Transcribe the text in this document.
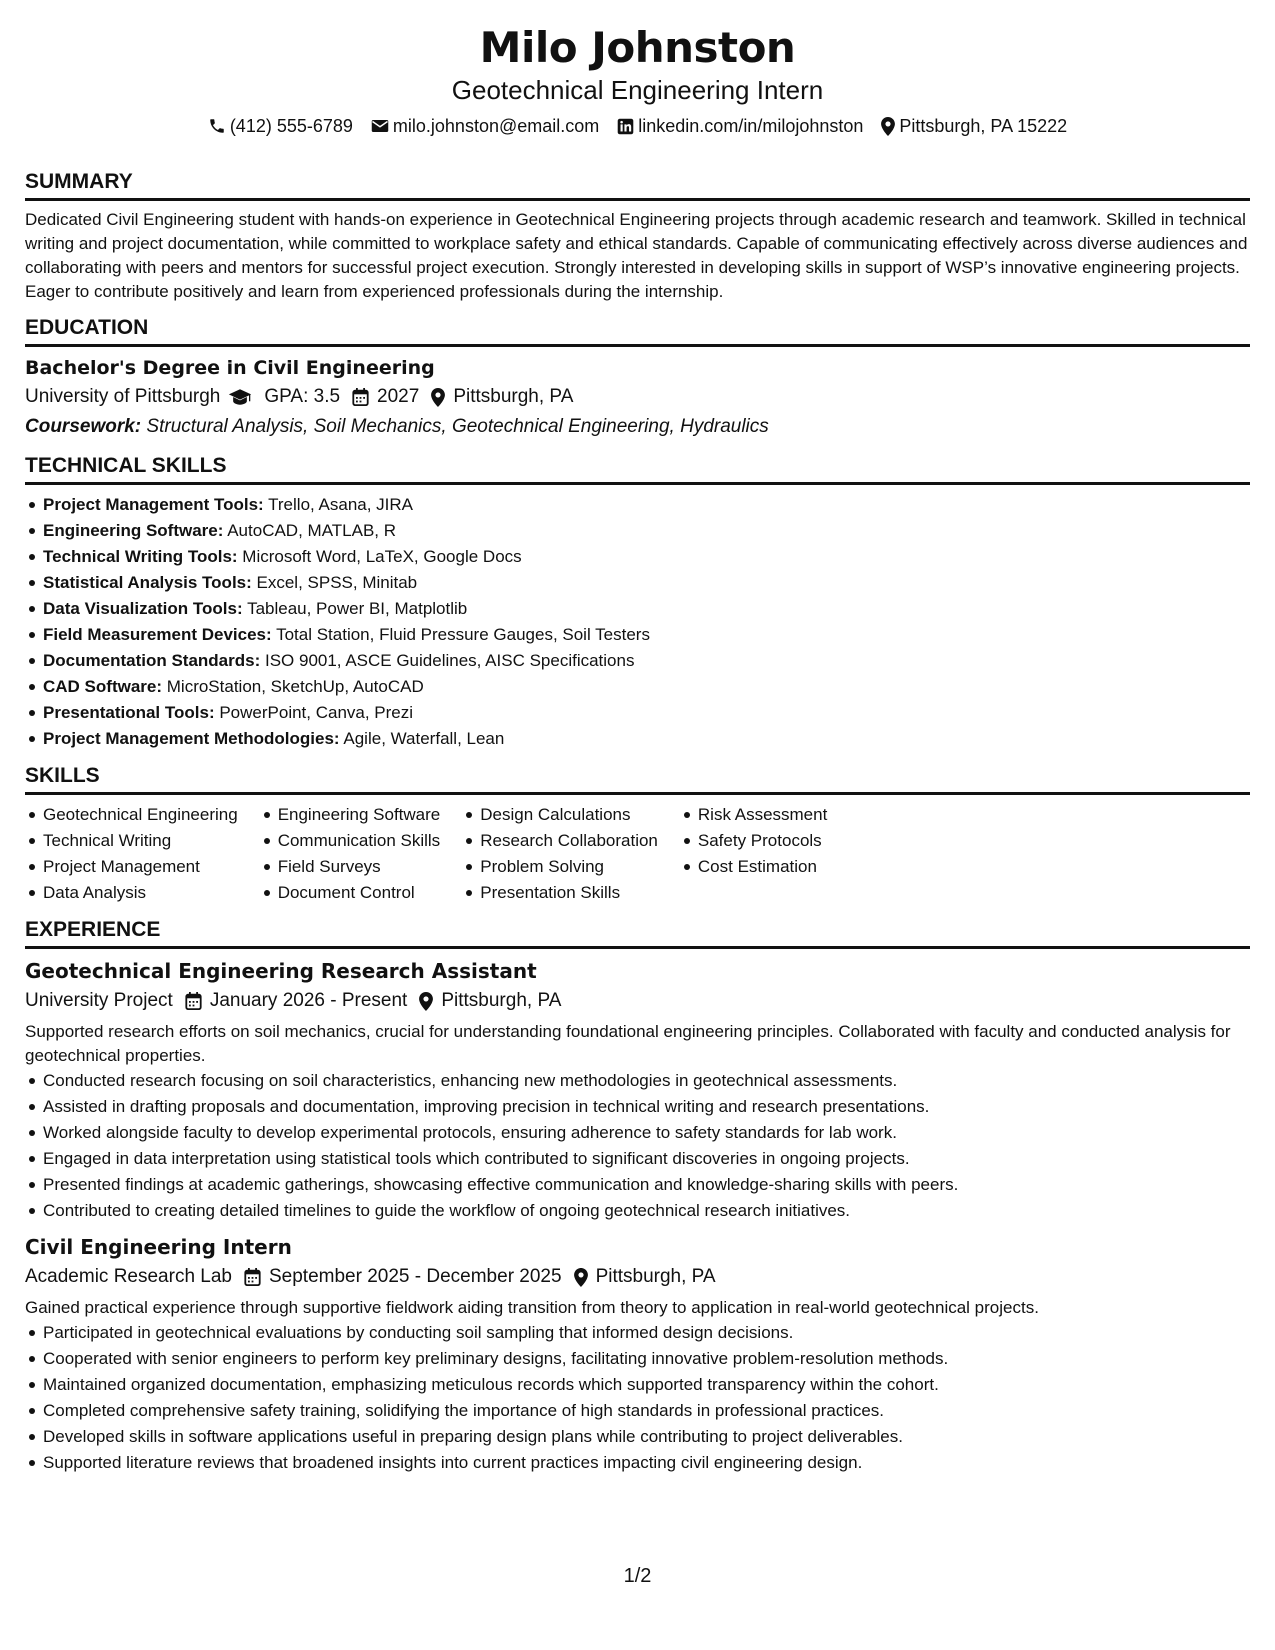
Milo Johnston
Geotechnical Engineering Intern
(412) 555-6789 milo.johnston@email.com linkedin.com/in/milojohnston Pittsburgh, PA 15222
SUMMARY
Dedicated Civil Engineering student with hands-on experience in Geotechnical Engineering projects through academic research and teamwork. Skilled in technical writing and project documentation, while committed to workplace safety and ethical standards. Capable of communicating effectively across diverse audiences and collaborating with peers and mentors for successful project execution. Strongly interested in developing skills in support of WSP’s innovative engineering projects. Eager to contribute positively and learn from experienced professionals during the internship.
EDUCATION
Bachelor's Degree in Civil Engineering
University of Pittsburgh GPA: 3.5 2027 Pittsburgh, PA
Coursework: Structural Analysis, Soil Mechanics, Geotechnical Engineering, Hydraulics
TECHNICAL SKILLS
Project Management Tools: Trello, Asana, JIRA
Engineering Software: AutoCAD, MATLAB, R
Technical Writing Tools: Microsoft Word, LaTeX, Google Docs
Statistical Analysis Tools: Excel, SPSS, Minitab
Data Visualization Tools: Tableau, Power BI, Matplotlib
Field Measurement Devices: Total Station, Fluid Pressure Gauges, Soil Testers
Documentation Standards: ISO 9001, ASCE Guidelines, AISC Specifications
CAD Software: MicroStation, SketchUp, AutoCAD
Presentational Tools: PowerPoint, Canva, Prezi
Project Management Methodologies: Agile, Waterfall, Lean
SKILLS
Geotechnical Engineering
Technical Writing
Project Management
Data Analysis
Engineering Software
Communication Skills
Field Surveys
Document Control
Design Calculations
Research Collaboration
Problem Solving
Presentation Skills
Risk Assessment
Safety Protocols
Cost Estimation
EXPERIENCE
Geotechnical Engineering Research Assistant
University Project January 2026 - Present Pittsburgh, PA
Supported research efforts on soil mechanics, crucial for understanding foundational engineering principles. Collaborated with faculty and conducted analysis for geotechnical properties.
Conducted research focusing on soil characteristics, enhancing new methodologies in geotechnical assessments.
Assisted in drafting proposals and documentation, improving precision in technical writing and research presentations.
Worked alongside faculty to develop experimental protocols, ensuring adherence to safety standards for lab work.
Engaged in data interpretation using statistical tools which contributed to significant discoveries in ongoing projects.
Presented findings at academic gatherings, showcasing effective communication and knowledge-sharing skills with peers.
Contributed to creating detailed timelines to guide the workflow of ongoing geotechnical research initiatives.
Civil Engineering Intern
Academic Research Lab September 2025 - December 2025 Pittsburgh, PA
Gained practical experience through supportive fieldwork aiding transition from theory to application in real-world geotechnical projects.
Participated in geotechnical evaluations by conducting soil sampling that informed design decisions.
Cooperated with senior engineers to perform key preliminary designs, facilitating innovative problem-resolution methods.
Maintained organized documentation, emphasizing meticulous records which supported transparency within the cohort.
Completed comprehensive safety training, solidifying the importance of high standards in professional practices.
Developed skills in software applications useful in preparing design plans while contributing to project deliverables.
Supported literature reviews that broadened insights into current practices impacting civil engineering design.
1/2
